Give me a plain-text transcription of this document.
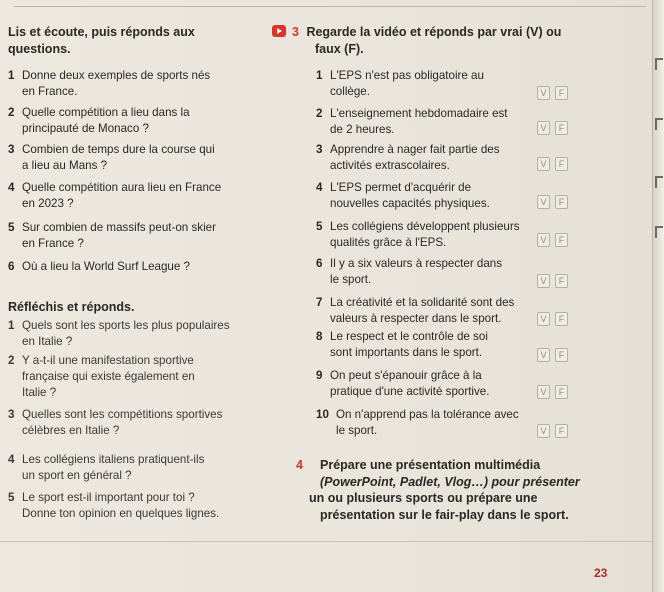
Lis et écoute, puis réponds aux
questions.
1 Donne deux exemples de sports nés
en France.
2 Quelle compétition a lieu dans la
principauté de Monaco ?
3 Combien de temps dure la course qui
a lieu au Mans ?
4 Quelle compétition aura lieu en France
en 2023 ?
5 Sur combien de massifs peut-on skier
en France ?
6 Où a lieu la World Surf League ?
Réfléchis et réponds.
1 Quels sont les sports les plus populaires
en Italie ?
2 Y a-t-il une manifestation sportive
française qui existe également en
Italie ?
3 Quelles sont les compétitions sportives
célèbres en Italie ?
4 Les collégiens italiens pratiquent-ils
un sport en général ?
5 Le sport est-il important pour toi ?
Donne ton opinion en quelques lignes.
3 Regarde la vidéo et réponds par vrai (V) ou
faux (F).
1 L'EPS n'est pas obligatoire au
collège.	V	F
2 L'enseignement hebdomadaire est
de 2 heures.	V	F
3 Apprendre à nager fait partie des
activités extrascolaires.	V	F
4 L'EPS permet d'acquérir de
nouvelles capacités physiques.	V	F
5 Les collégiens développent plusieurs
qualités grâce à l'EPS.	V	F
6 Il y a six valeurs à respecter dans
le sport.	V	F
7 La créativité et la solidarité sont des
valeurs à respecter dans le sport.	V	F
8 Le respect et le contrôle de soi
sont importants dans le sport.	V	F
9 On peut s'épanouir grâce à la
pratique d'une activité sportive.	V	F
10 On n'apprend pas la tolérance avec
le sport.	V	F
4 Prépare une présentation multimédia
(PowerPoint, Padlet, Vlog…) pour présenter
un ou plusieurs sports ou prépare une
présentation sur le fair-play dans le sport.
23
